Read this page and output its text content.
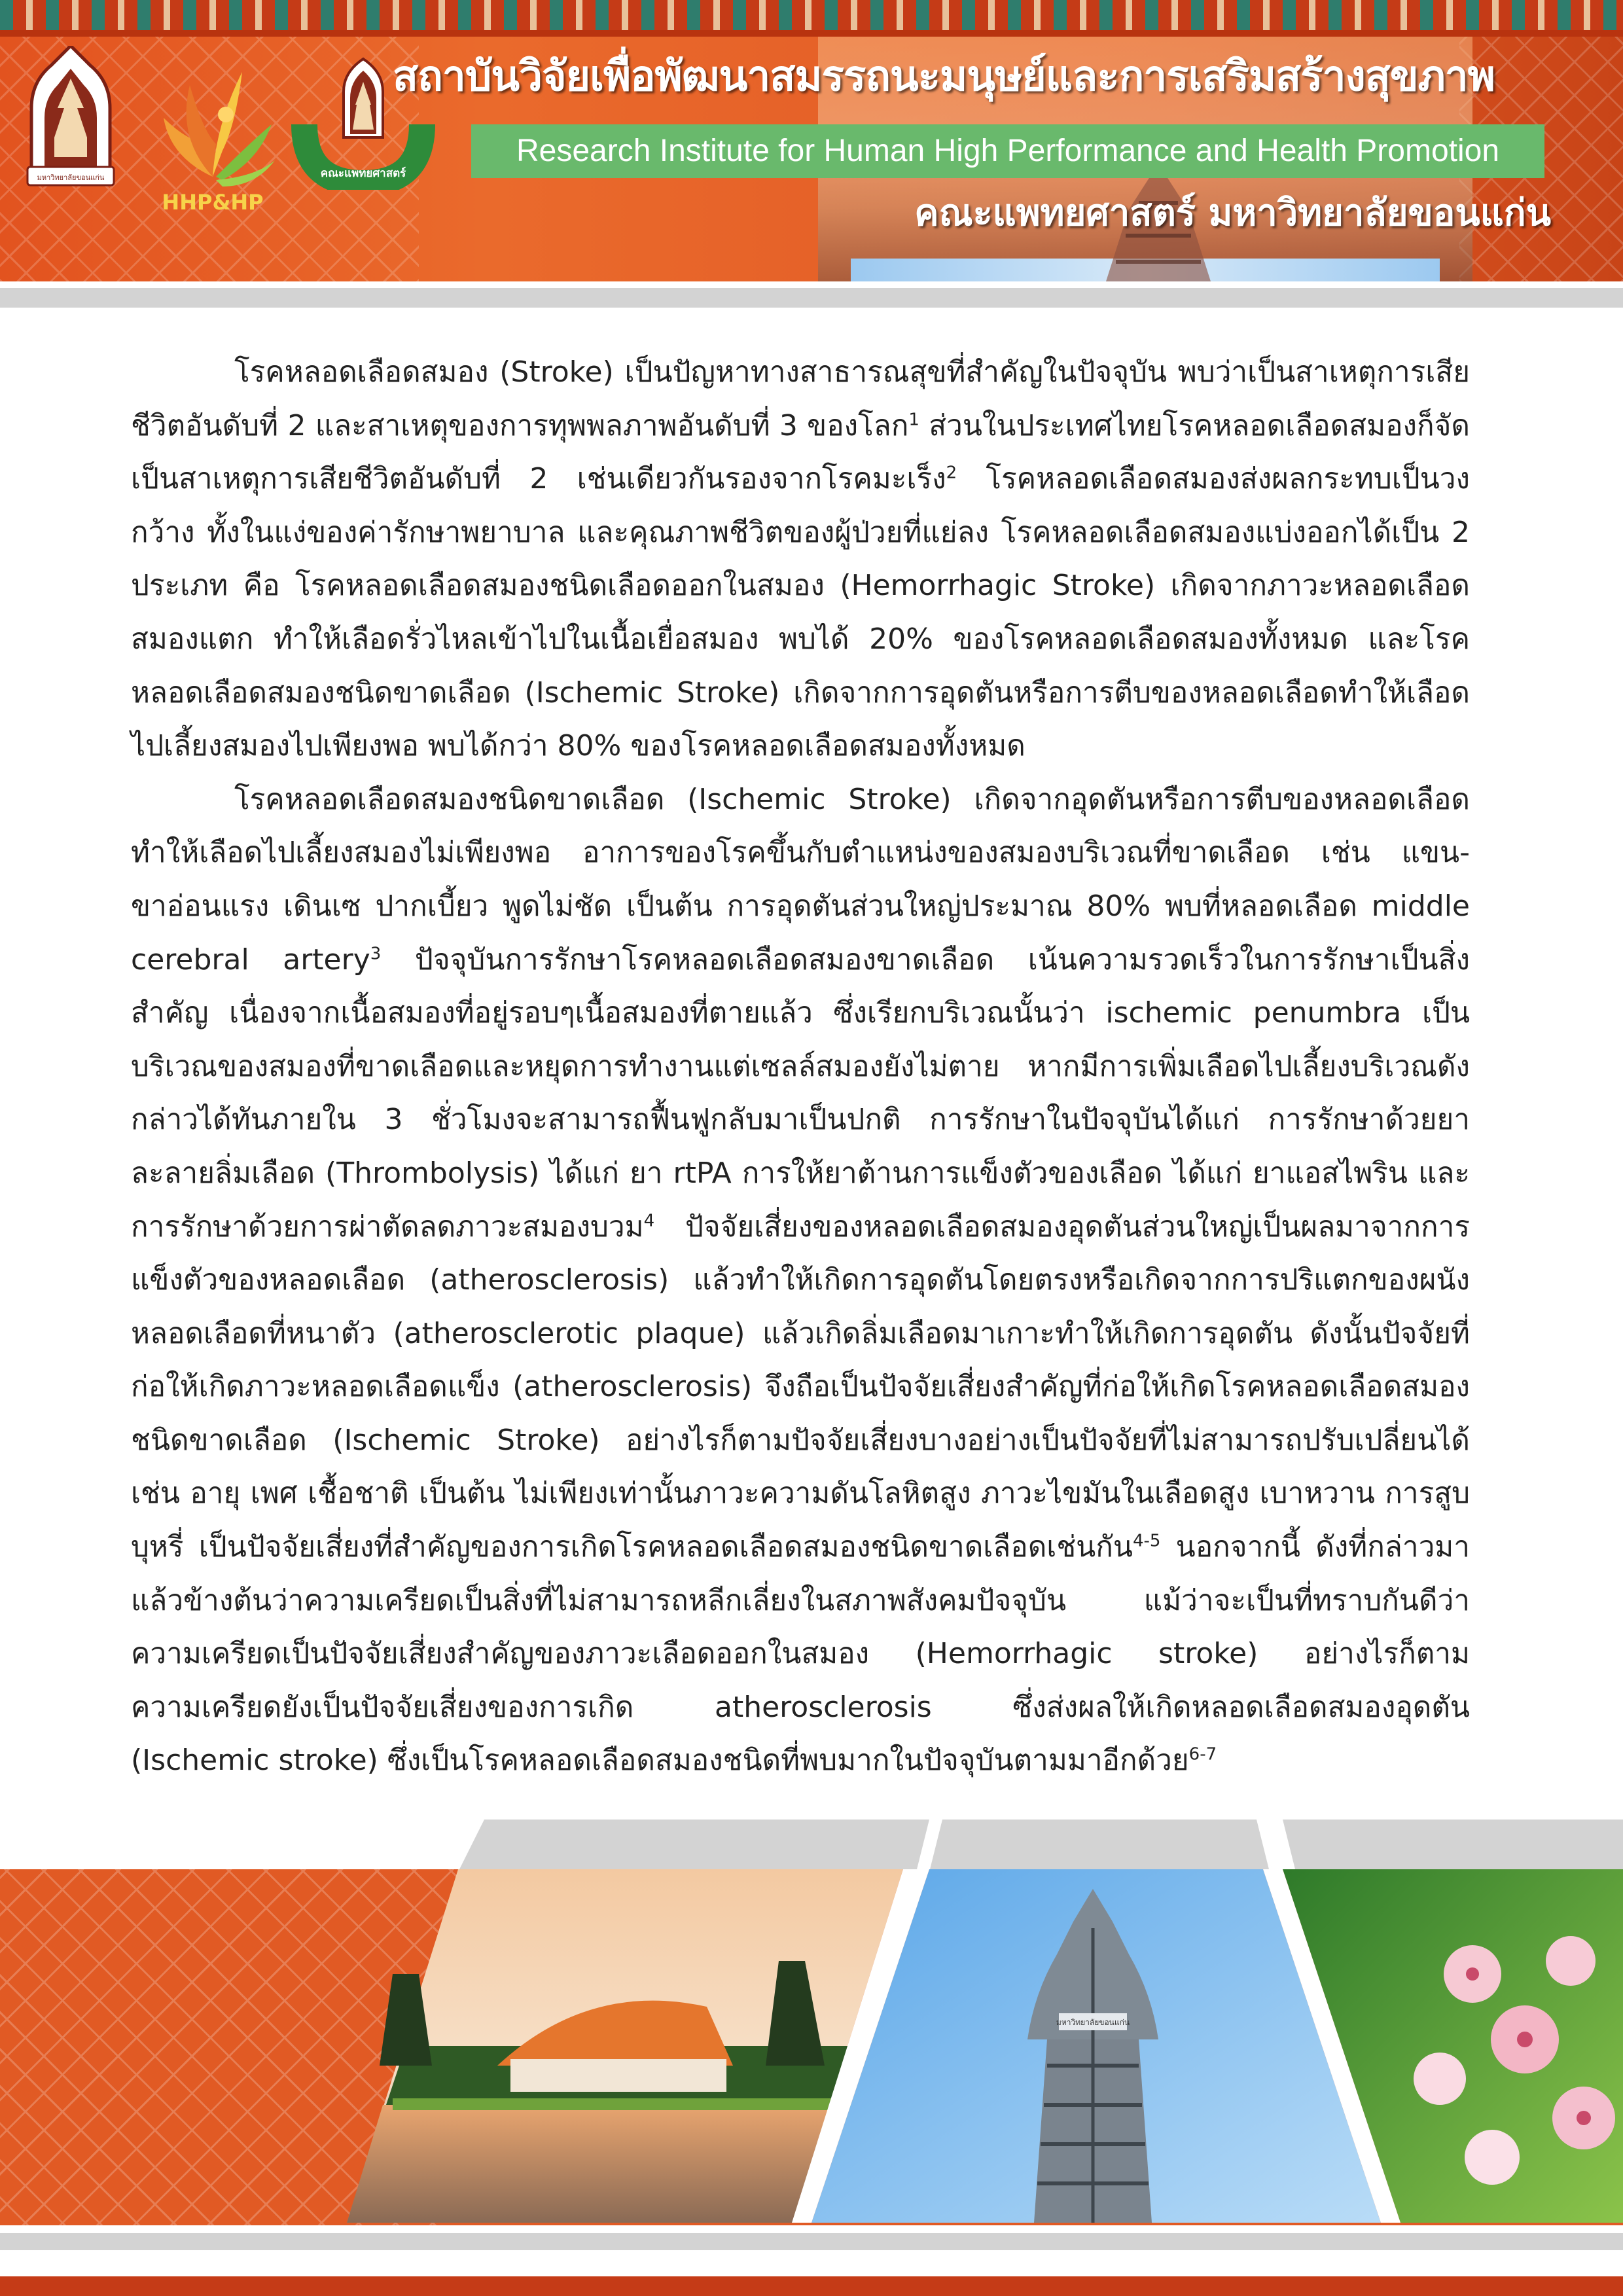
มหาวิทยาลัยขอนแก่น
HHP&HP
คณะแพทยศาสตร์
สถาบันวิจัยเพื่อพัฒนาสมรรถนะมนุษย์และการเสริมสร้างสุขภาพ
Research Institute for Human High Performance and Health Promotion
คณะแพทยศาสตร์ มหาวิทยาลัยขอนแก่น

โรคหลอดเลือดสมอง (Stroke) เป็นปัญหาทางสาธารณสุขที่สำคัญในปัจจุบัน พบว่าเป็นสาเหตุการเสียชีวิตอันดับที่ 2 และสาเหตุของการทุพพลภาพอันดับที่ 3 ของโลก$^1$ ส่วนในประเทศไทยโรคหลอดเลือดสมองก็จัดเป็นสาเหตุการเสียชีวิตอันดับที่ 2 เช่นเดียวกันรองจากโรคมะเร็ง$^2$ โรคหลอดเลือดสมองส่งผลกระทบเป็นวงกว้าง ทั้งในแง่ของค่ารักษาพยาบาล และคุณภาพชีวิตของผู้ป่วยที่แย่ลง โรคหลอดเลือดสมองแบ่งออกได้เป็น 2 ประเภท คือ โรคหลอดเลือดสมองชนิดเลือดออกในสมอง (Hemorrhagic Stroke) เกิดจากภาวะหลอดเลือดสมองแตก ทำให้เลือดรั่วไหลเข้าไปในเนื้อเยื่อสมอง พบได้ 20% ของโรคหลอดเลือดสมองทั้งหมด และโรคหลอดเลือดสมองชนิดขาดเลือด (Ischemic Stroke) เกิดจากการอุดตันหรือการตีบของหลอดเลือดทำให้เลือดไปเลี้ยงสมองไปเพียงพอ พบได้กว่า 80% ของโรคหลอดเลือดสมองทั้งหมด

โรคหลอดเลือดสมองชนิดขาดเลือด (Ischemic Stroke) เกิดจากอุดตันหรือการตีบของหลอดเลือดทำให้เลือดไปเลี้ยงสมองไม่เพียงพอ อาการของโรคขึ้นกับตำแหน่งของสมองบริเวณที่ขาดเลือด เช่น แขน-ขาอ่อนแรง เดินเซ ปากเบี้ยว พูดไม่ชัด เป็นต้น การอุดตันส่วนใหญ่ประมาณ 80% พบที่หลอดเลือด middle cerebral artery$^3$ ปัจจุบันการรักษาโรคหลอดเลือดสมองขาดเลือด เน้นความรวดเร็วในการรักษาเป็นสิ่งสำคัญ เนื่องจากเนื้อสมองที่อยู่รอบๆเนื้อสมองที่ตายแล้ว ซึ่งเรียกบริเวณนั้นว่า ischemic penumbra เป็นบริเวณของสมองที่ขาดเลือดและหยุดการทำงานแต่เซลล์สมองยังไม่ตาย หากมีการเพิ่มเลือดไปเลี้ยงบริเวณดังกล่าวได้ทันภายใน 3 ชั่วโมงจะสามารถฟื้นฟูกลับมาเป็นปกติ การรักษาในปัจจุบันได้แก่ การรักษาด้วยยาละลายลิ่มเลือด (Thrombolysis) ได้แก่ ยา rtPA การให้ยาต้านการแข็งตัวของเลือด ได้แก่ ยาแอสไพริน และการรักษาด้วยการผ่าตัดลดภาวะสมองบวม$^4$ ปัจจัยเสี่ยงของหลอดเลือดสมองอุดตันส่วนใหญ่เป็นผลมาจากการแข็งตัวของหลอดเลือด (atherosclerosis) แล้วทำให้เกิดการอุดตันโดยตรงหรือเกิดจากการปริแตกของผนังหลอดเลือดที่หนาตัว (atherosclerotic plaque) แล้วเกิดลิ่มเลือดมาเกาะทำให้เกิดการอุดตัน ดังนั้นปัจจัยที่ก่อให้เกิดภาวะหลอดเลือดแข็ง (atherosclerosis) จึงถือเป็นปัจจัยเสี่ยงสำคัญที่ก่อให้เกิดโรคหลอดเลือดสมองชนิดขาดเลือด (Ischemic Stroke) อย่างไรก็ตามปัจจัยเสี่ยงบางอย่างเป็นปัจจัยที่ไม่สามารถปรับเปลี่ยนได้ เช่น อายุ เพศ เชื้อชาติ เป็นต้น ไม่เพียงเท่านั้นภาวะความดันโลหิตสูง ภาวะไขมันในเลือดสูง เบาหวาน การสูบบุหรี่ เป็นปัจจัยเสี่ยงที่สำคัญของการเกิดโรคหลอดเลือดสมองชนิดขาดเลือดเช่นกัน$^{4-5}$ นอกจากนี้ ดังที่กล่าวมาแล้วข้างต้นว่าความเครียดเป็นสิ่งที่ไม่สามารถหลีกเลี่ยงในสภาพสังคมปัจจุบัน แม้ว่าจะเป็นที่ทราบกันดีว่าความเครียดเป็นปัจจัยเสี่ยงสำคัญของภาวะเลือดออกในสมอง (Hemorrhagic stroke) อย่างไรก็ตามความเครียดยังเป็นปัจจัยเสี่ยงของการเกิด atherosclerosis ซึ่งส่งผลให้เกิดหลอดเลือดสมองอุดตัน (Ischemic stroke) ซึ่งเป็นโรคหลอดเลือดสมองชนิดที่พบมากในปัจจุบันตามมาอีกด้วย$^{6-7}$

มหาวิทยาลัยขอนแก่น
